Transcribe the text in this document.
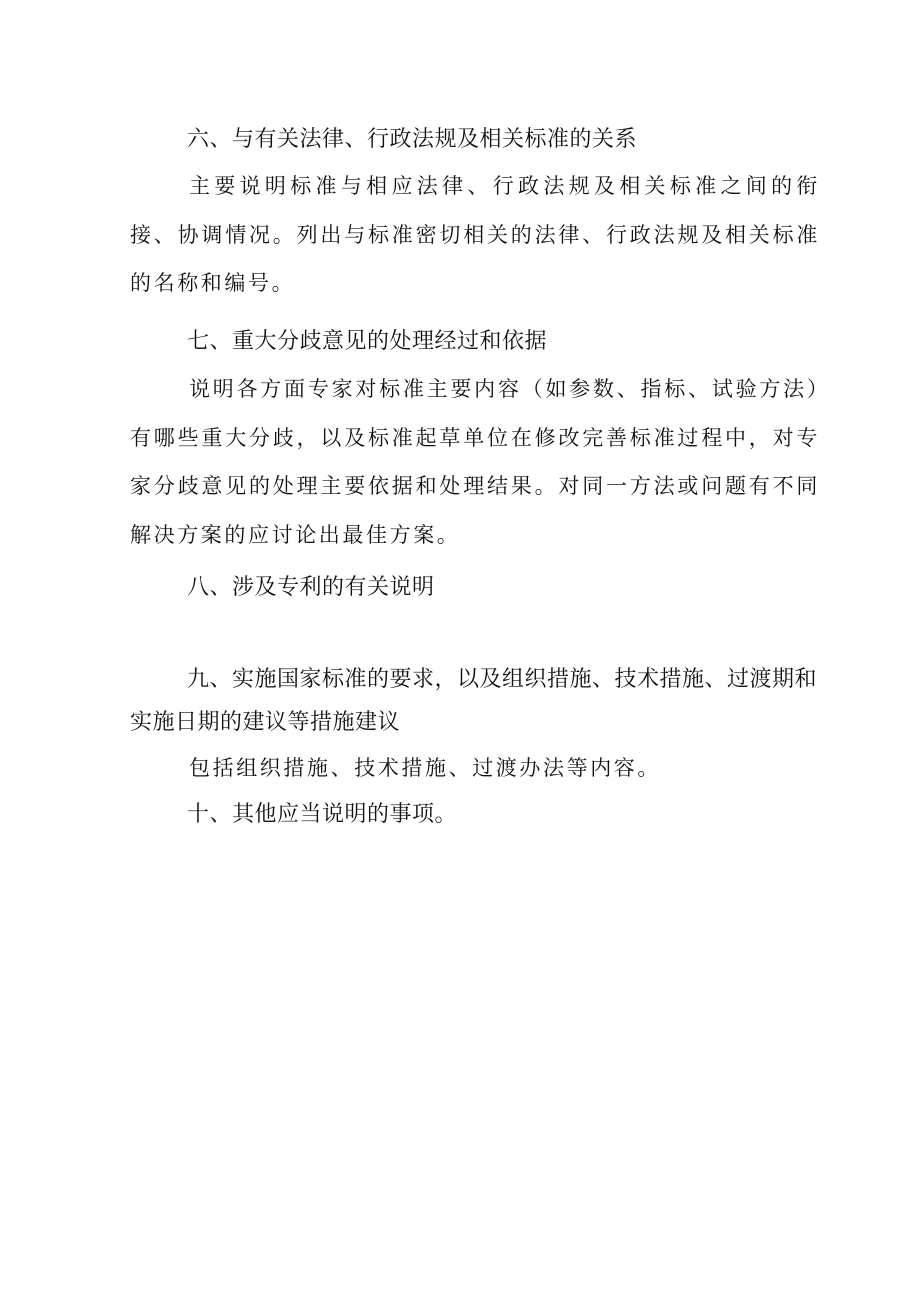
六、与有关法律、行政法规及相关标准的关系

主要说明标准与相应法律、行政法规及相关标准之间的衔接、协调情况。列出与标准密切相关的法律、行政法规及相关标准的名称和编号。

七、重大分歧意见的处理经过和依据

说明各方面专家对标准主要内容（如参数、指标、试验方法）有哪些重大分歧，以及标准起草单位在修改完善标准过程中，对专家分歧意见的处理主要依据和处理结果。对同一方法或问题有不同解决方案的应讨论出最佳方案。

八、涉及专利的有关说明
九、实施国家标准的要求，以及组织措施、技术措施、过渡期和实施日期的建议等措施建议

包括组织措施、技术措施、过渡办法等内容。

十、其他应当说明的事项。
